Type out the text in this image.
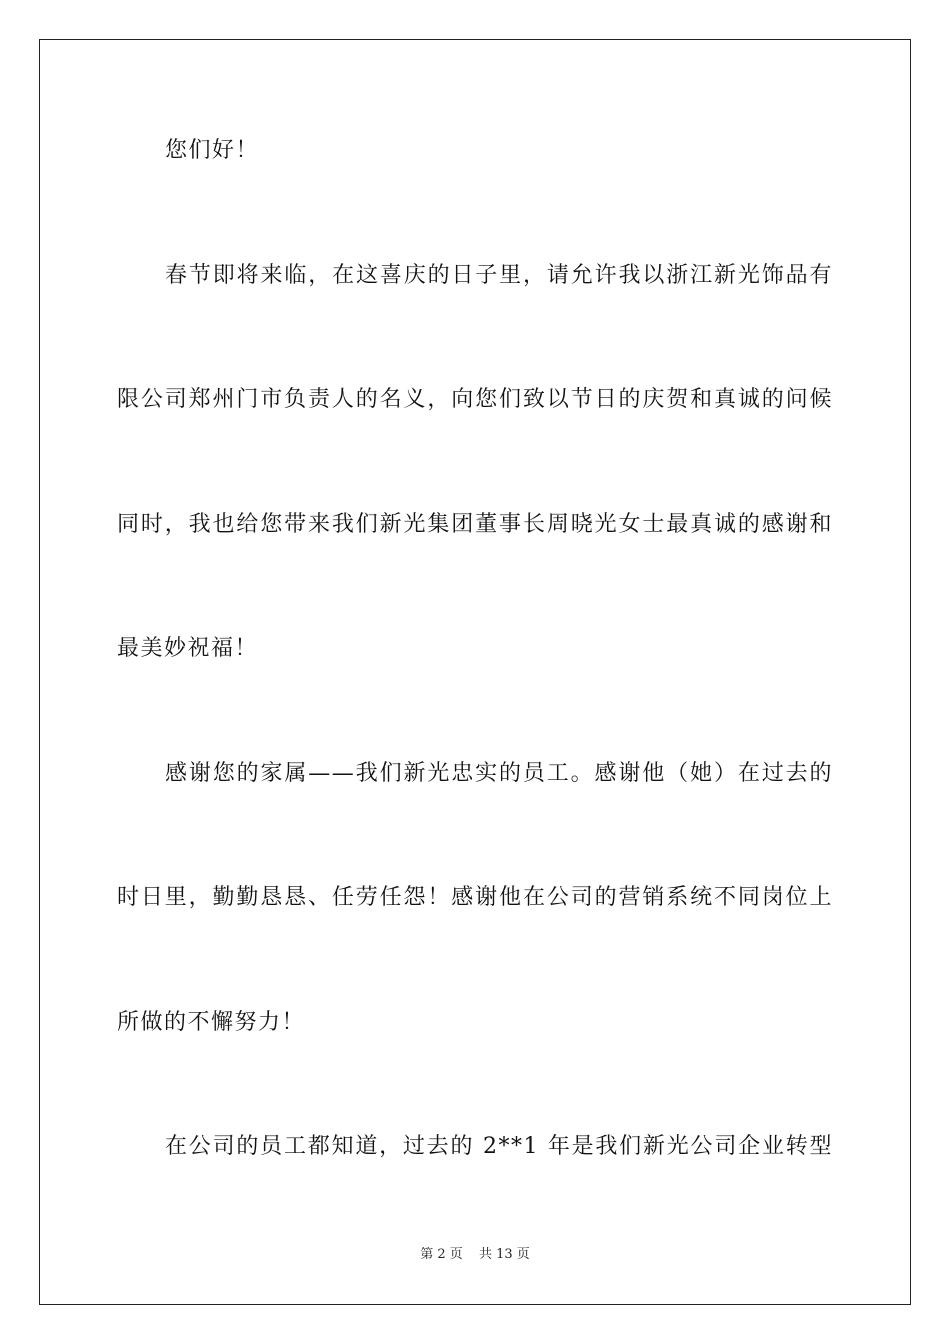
您们好！
春节即将来临，在这喜庆的日子里，请允许我以浙江新光饰品有
限公司郑州门市负责人的名义，向您们致以节日的庆贺和真诚的问候
同时，我也给您带来我们新光集团董事长周晓光女士最真诚的感谢和
最美妙祝福！
感谢您的家属——我们新光忠实的员工。感谢他（她）在过去的
时日里，勤勤恳恳、任劳任怨！感谢他在公司的营销系统不同岗位上
所做的不懈努力！
在公司的员工都知道，过去的 2**1 年是我们新光公司企业转型
第 2 页 共 13 页
